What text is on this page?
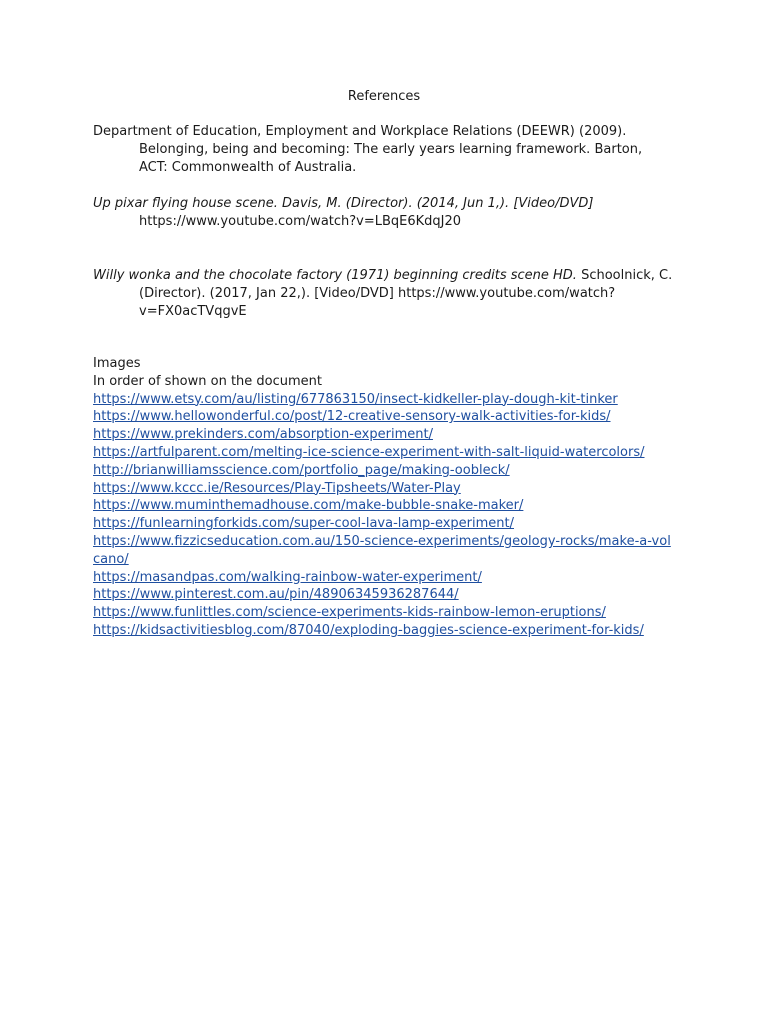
References

Department of Education, Employment and Workplace Relations (DEEWR) (2009). Belonging, being and becoming: The early years learning framework. Barton, ACT: Commonwealth of Australia.

Up pixar flying house scene. Davis, M. (Director). (2014, Jun 1,). [Video/DVD] https://www.youtube.com/watch?v=LBqE6KdqJ20

Willy wonka and the chocolate factory (1971) beginning credits scene HD. Schoolnick, C. (Director). (2017, Jan 22,). [Video/DVD] https://www.youtube.com/watch?v=FX0acTVqgvE

Images

In order of shown on the document

https://www.etsy.com/au/listing/677863150/insect-kidkeller-play-dough-kit-tinker
https://www.hellowonderful.co/post/12-creative-sensory-walk-activities-for-kids/
https://www.prekinders.com/absorption-experiment/
https://artfulparent.com/melting-ice-science-experiment-with-salt-liquid-watercolors/
http://brianwilliamsscience.com/portfolio_page/making-oobleck/
https://www.kccc.ie/Resources/Play-Tipsheets/Water-Play
https://www.muminthemadhouse.com/make-bubble-snake-maker/
https://funlearningforkids.com/super-cool-lava-lamp-experiment/
https://www.fizzicseducation.com.au/150-science-experiments/geology-rocks/make-a-volcano/
https://masandpas.com/walking-rainbow-water-experiment/
https://www.pinterest.com.au/pin/48906345936287644/
https://www.funlittles.com/science-experiments-kids-rainbow-lemon-eruptions/
https://kidsactivitiesblog.com/87040/exploding-baggies-science-experiment-for-kids/
